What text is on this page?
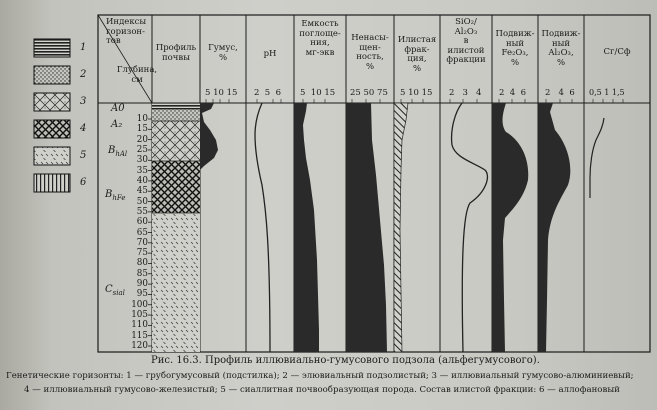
1
2
3
4
5
6
Индексы
горизон-
тов
Глубина,
см
Профиль
почвы
Гумус,
%	pH
Емкость
поглоще-
ния,
мг-экв
Ненасы-
щен-
ность,
%
Илистая
фрак-
ция,
%
SiO₂/
Al₂O₃
в
илистой
фракции
Подвиж-
ный
Fe₂O₃,
%
Подвиж-
ный
Al₂O₃,
%
Cг/Cф
5 10 15 2  5  6 5  10 15 25 50 75 5 10 15 2   3   4 2  4  6 2   4  6 0,5 1 1,5
A0
A₂
$B_{hAl}$
$B_{hFe}$
$C_{sial}$
10
15
20
25
30
35
40
45
50
55
60
65
70
75
80
85
90
95
100
105
110
115
120
Рис. 16.3. Профиль иллювиально-гумусового подзола (альфегумусового).
Генетические горизонты: 1 — грубогумусовый (подстилка); 2 — элювиальный подзолистый; 3 — иллювиальный гумусово-алюминиевый;
4 — иллювиальный гумусово-железистый; 5 — сиаллитная почвообразующая порода. Состав илистой фракции: 6 — аллофановый
